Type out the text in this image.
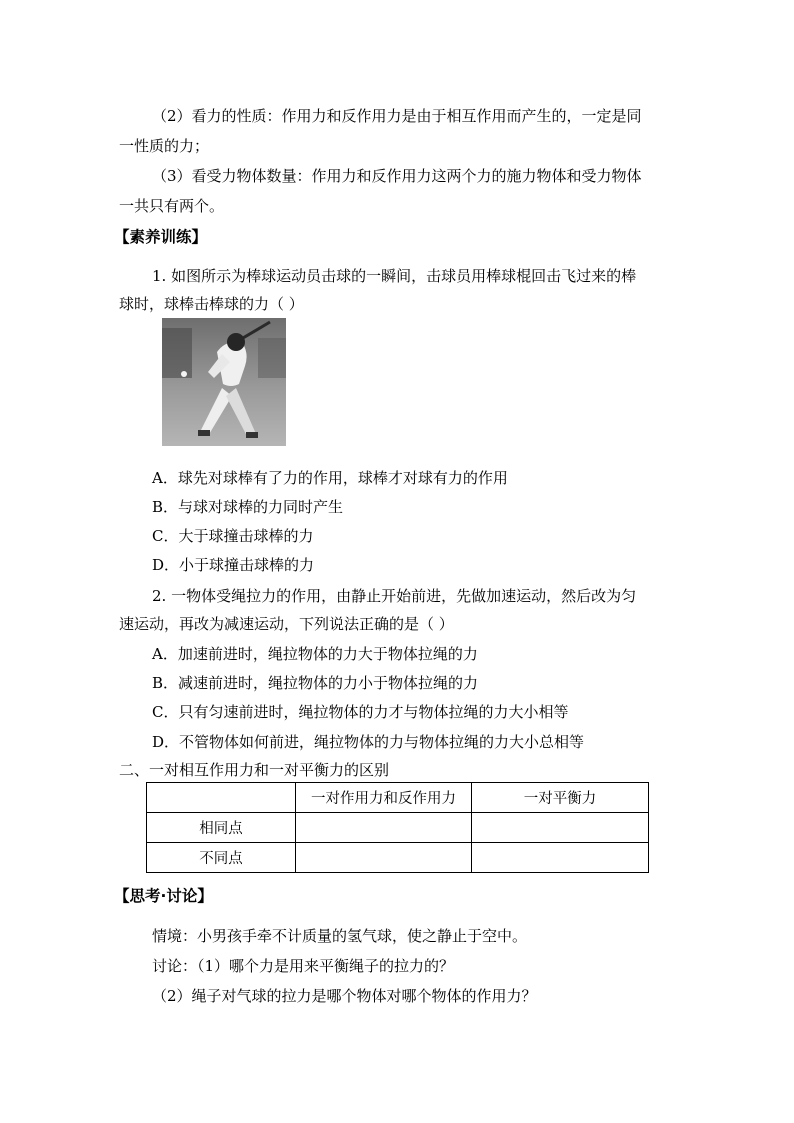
（2）看力的性质：作用力和反作用力是由于相互作用而产生的，一定是同
一性质的力；
（3）看受力物体数量：作用力和反作用力这两个力的施力物体和受力物体
一共只有两个。
【素养训练】
1. 如图所示为棒球运动员击球的一瞬间，击球员用棒球棍回击飞过来的棒
球时，球棒击棒球的力（ ）
A．球先对球棒有了力的作用，球棒才对球有力的作用
B．与球对球棒的力同时产生
C．大于球撞击球棒的力
D．小于球撞击球棒的力
2. 一物体受绳拉力的作用，由静止开始前进，先做加速运动，然后改为匀
速运动，再改为减速运动，下列说法正确的是（ ）
A．加速前进时，绳拉物体的力大于物体拉绳的力
B．减速前进时，绳拉物体的力小于物体拉绳的力
C．只有匀速前进时，绳拉物体的力才与物体拉绳的力大小相等
D．不管物体如何前进，绳拉物体的力与物体拉绳的力大小总相等
二、一对相互作用力和一对平衡力的区别
	一对作用力和反作用力	一对平衡力
相同点		
不同点		
【思考·讨论】
情境：小男孩手牵不计质量的氢气球，使之静止于空中。
讨论：（1）哪个力是用来平衡绳子的拉力的？
（2）绳子对气球的拉力是哪个物体对哪个物体的作用力？
